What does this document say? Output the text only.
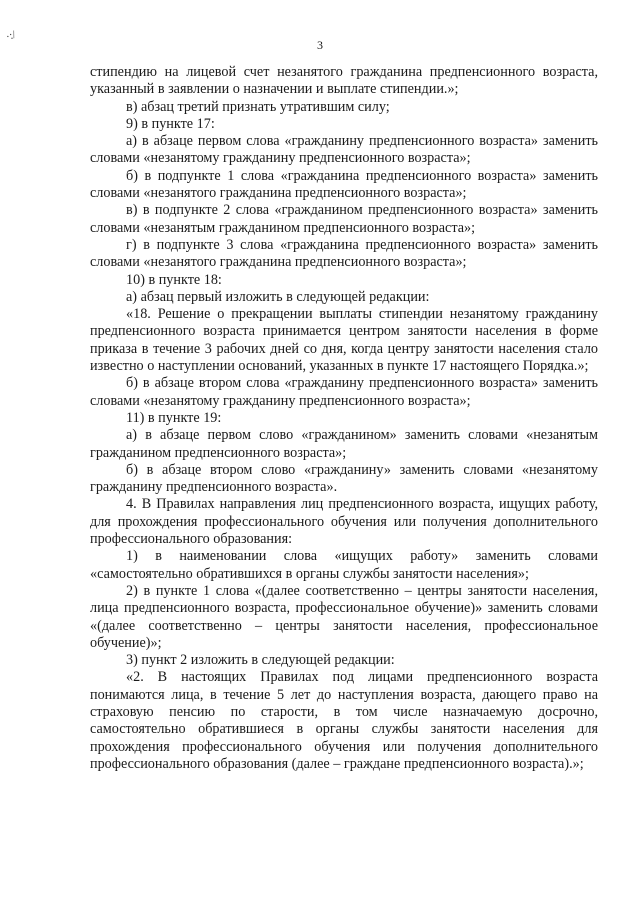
·:/
3

стипендию на лицевой счет незанятого гражданина предпенсионного возраста, указанный в заявлении о назначении и выплате стипендии.»;

в) абзац третий признать утратившим силу;

9) в пункте 17:

а) в абзаце первом слова «гражданину предпенсионного возраста» заменить словами «незанятому гражданину предпенсионного возраста»;

б) в подпункте 1 слова «гражданина предпенсионного возраста» заменить словами «незанятого гражданина предпенсионного возраста»;

в) в подпункте 2 слова «гражданином предпенсионного возраста» заменить словами «незанятым гражданином предпенсионного возраста»;

г) в подпункте 3 слова «гражданина предпенсионного возраста» заменить словами «незанятого гражданина предпенсионного возраста»;

10) в пункте 18:

а) абзац первый изложить в следующей редакции:

«18. Решение о прекращении выплаты стипендии незанятому гражданину предпенсионного возраста принимается центром занятости населения в форме приказа в течение 3 рабочих дней со дня, когда центру занятости населения стало известно о наступлении оснований, указанных в пункте 17 настоящего Порядка.»;

б) в абзаце втором слова «гражданину предпенсионного возраста» заменить словами «незанятому гражданину предпенсионного возраста»;

11) в пункте 19:

а) в абзаце первом слово «гражданином» заменить словами «незанятым гражданином предпенсионного возраста»;

б) в абзаце втором слово «гражданину» заменить словами «незанятому гражданину предпенсионного возраста».

4. В Правилах направления лиц предпенсионного возраста, ищущих работу, для прохождения профессионального обучения или получения дополнительного профессионального образования:

1) в наименовании слова «ищущих работу» заменить словами «самостоятельно обратившихся в органы службы занятости населения»;

2) в пункте 1 слова «(далее соответственно – центры занятости населения, лица предпенсионного возраста, профессиональное обучение)» заменить словами «(далее соответственно – центры занятости населения, профессиональное обучение)»;

3) пункт 2 изложить в следующей редакции:

«2. В настоящих Правилах под лицами предпенсионного возраста понимаются лица, в течение 5 лет до наступления возраста, дающего право на страховую пенсию по старости, в том числе назначаемую досрочно, самостоятельно обратившиеся в органы службы занятости населения для прохождения профессионального обучения или получения дополнительного профессионального образования (далее – граждане предпенсионного возраста).»;
